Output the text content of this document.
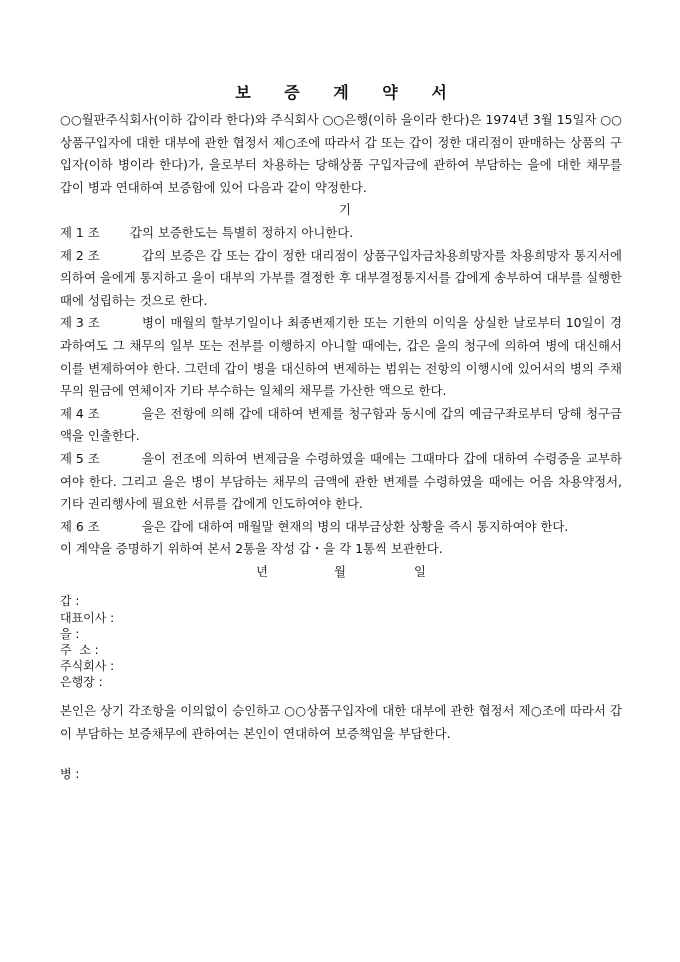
보 증 계 약 서

○○월판주식회사(이하 갑이라 한다)와 주식회사 ○○은행(이하 을이라 한다)은 1974년 3월 15일자 ○○상품구입자에 대한 대부에 관한 협정서 제○조에 따라서 갑 또는 갑이 정한 대리점이 판매하는 상품의 구입자(이하 병이라 한다)가, 을로부터 차용하는 당해상품 구입자금에 관하여 부담하는 을에 대한 채무를 갑이 병과 연대하여 보증함에 있어 다음과 같이 약정한다.

기

제 1 조 갑의 보증한도는 특별히 정하지 아니한다.

제 2 조	갑의 보증은 갑 또는 갑이 정한 대리점이 상품구입자금차용희망자를 차용희망자 통지서에 의하여 을에게 통지하고 을이 대부의 가부를 결정한 후 대부결정통지서를 갑에게 송부하여 대부를 실행한 때에 성립하는 것으로 한다.

제 3 조	병이 매월의 할부기일이나 최종변제기한 또는 기한의 이익을 상실한 날로부터 10일이 경과하여도 그 채무의 일부 또는 전부를 이행하지 아니할 때에는, 갑은 을의 청구에 의하여 병에 대신해서 이를 변제하여야 한다. 그런데 갑이 병을 대신하여 변제하는 범위는 전항의 이행시에 있어서의 병의 주채무의 원금에 연체이자 기타 부수하는 일체의 채무를 가산한 액으로 한다.

제 4 조	을은 전항에 의해 갑에 대하여 변제를 청구함과 동시에 갑의 예금구좌로부터 당해 청구금액을 인출한다.

제 5 조	을이 전조에 의하여 변제금을 수령하였을 때에는 그때마다 갑에 대하여 수령증을 교부하여야 한다. 그리고 을은 병이 부담하는 채무의 금액에 관한 변제를 수령하였을 때에는 어음 차용약정서, 기타 권리행사에 필요한 서류를 갑에게 인도하여야 한다.

제 6 조	을은 갑에 대하여 매월말 현재의 병의 대부금상환 상황을 즉시 통지하여야 한다.

이 계약을 증명하기 위하여 본서 2통을 작성 갑・을 각 1통씩 보관한다.

년	월	일

갑 :

대표이사 :

을 :

주  소 :

주식회사 :

은행장 :

본인은 상기 각조항을 이의없이 승인하고 ○○상품구입자에 대한 대부에 관한 협정서 제○조에 따라서 갑이 부담하는 보증채무에 관하여는 본인이 연대하여 보증책임을 부담한다.

병 :
